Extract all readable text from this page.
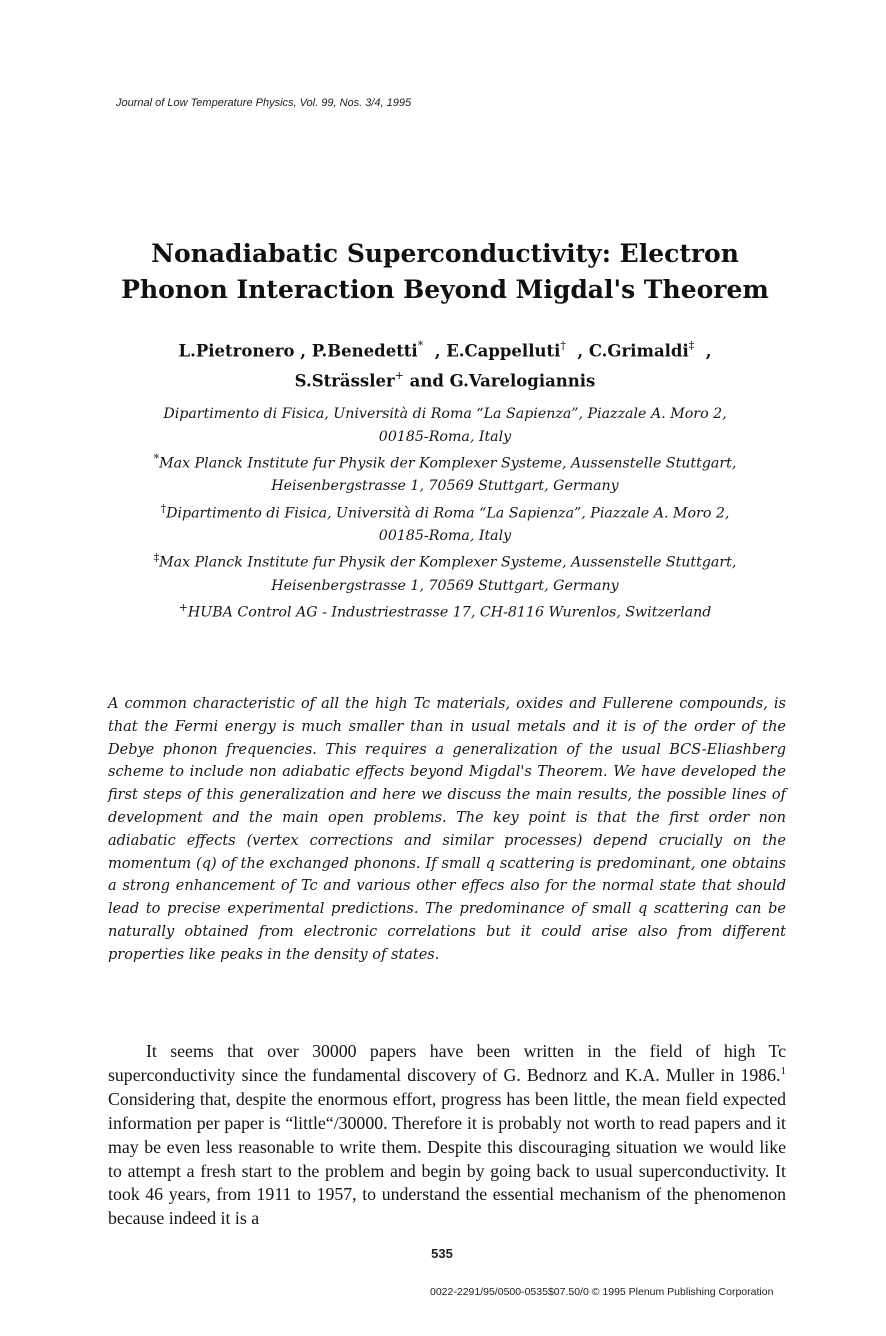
Journal of Low Temperature Physics, Vol. 99, Nos. 3/4, 1995
Nonadiabatic Superconductivity: Electron
Phonon Interaction Beyond Migdal's Theorem
L.Pietronero , P.Benedetti* , E.Cappelluti† , C.Grimaldi‡ ,
S.Strässler+ and G.Varelogiannis
Dipartimento di Fisica, Università di Roma “La Sapienza”, Piazzale A. Moro 2,
00185-Roma, Italy
*Max Planck Institute fur Physik der Komplexer Systeme, Aussenstelle Stuttgart,
Heisenbergstrasse 1, 70569 Stuttgart, Germany
†Dipartimento di Fisica, Università di Roma “La Sapienza”, Piazzale A. Moro 2,
00185-Roma, Italy
‡Max Planck Institute fur Physik der Komplexer Systeme, Aussenstelle Stuttgart,
Heisenbergstrasse 1, 70569 Stuttgart, Germany
+HUBA Control AG - Industriestrasse 17, CH-8116 Wurenlos, Switzerland
A common characteristic of all the high Tc materials, oxides and Fullerene compounds, is that the Fermi energy is much smaller than in usual metals and it is of the order of the Debye phonon frequencies. This requires a generalization of the usual BCS-Eliashberg scheme to include non adiabatic effects beyond Migdal's Theorem. We have developed the first steps of this generalization and here we discuss the main results, the possible lines of development and the main open problems. The key point is that the first order non adiabatic effects (vertex corrections and similar processes) depend crucially on the momentum (q) of the exchanged phonons. If small q scattering is predominant, one obtains a strong enhancement of Tc and various other effecs also for the normal state that should lead to precise experimental predictions. The predominance of small q scattering can be naturally obtained from electronic correlations but it could arise also from different properties like peaks in the density of states.
It seems that over 30000 papers have been written in the field of high Tc superconductivity since the fundamental discovery of G. Bednorz and K.A. Muller in 1986.$^1$ Considering that, despite the enormous effort, progress has been little, the mean field expected information per paper is “little“/30000. Therefore it is probably not worth to read papers and it may be even less reasonable to write them. Despite this discouraging situation we would like to attempt a fresh start to the problem and begin by going back to usual superconductivity. It took 46 years, from 1911 to 1957, to understand the essential mechanism of the phenomenon because indeed it is a
535
0022-2291/95/0500-0535$07.50/0 © 1995 Plenum Publishing Corporation
